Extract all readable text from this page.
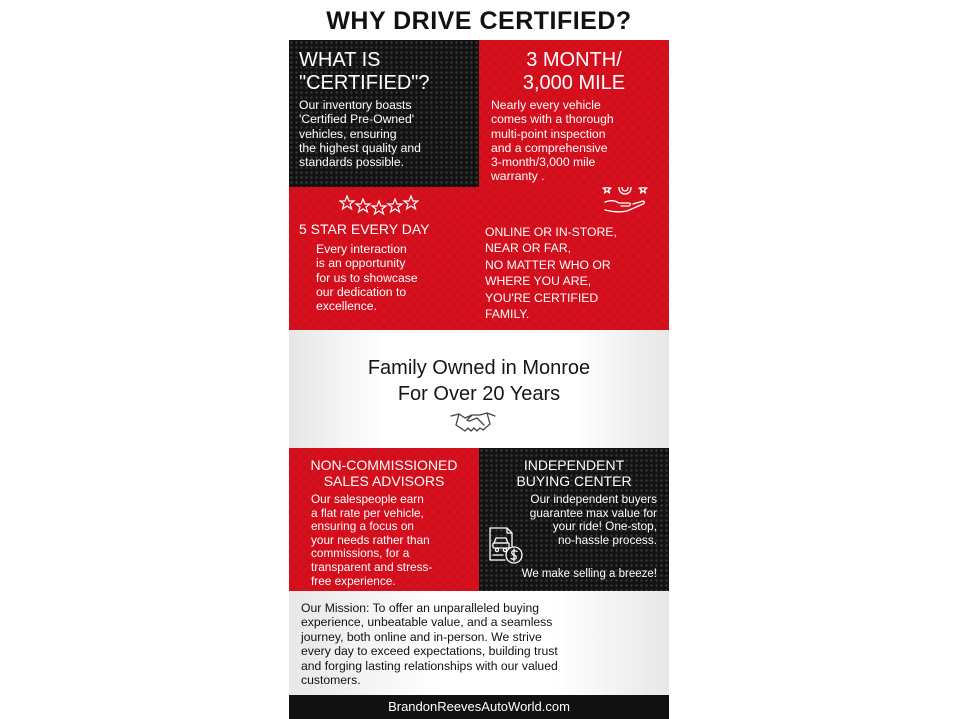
WHY DRIVE CERTIFIED?
WHAT IS
"CERTIFIED"?
Our inventory boasts
'Certified Pre-Owned'
vehicles, ensuring
the highest quality and
standards possible.
3 MONTH/
3,000 MILE
Nearly every vehicle
comes with a thorough
multi-point inspection
and a comprehensive
3-month/3,000 mile
warranty .
5 STAR EVERY DAY
Every interaction
is an opportunity
for us to showcase
our dedication to
excellence.
ONLINE OR IN-STORE,
NEAR OR FAR,
NO MATTER WHO OR
WHERE YOU ARE,
YOU'RE CERTIFIED
FAMILY.
Family Owned in Monroe
For Over 20 Years
NON-COMMISSIONED
SALES ADVISORS
Our salespeople earn
a flat rate per vehicle,
ensuring a focus on
your needs rather than
commissions, for a
transparent and stress-
free experience.
INDEPENDENT
BUYING CENTER
Our independent buyers
guarantee max value for
your ride! One-stop,
no-hassle process.
We make selling a breeze!
Our Mission: To offer an unparalleled buying
experience, unbeatable value, and a seamless
journey, both online and in-person. We strive
every day to exceed expectations, building trust
and forging lasting relationships with our valued
customers.
BrandonReevesAutoWorld.com
